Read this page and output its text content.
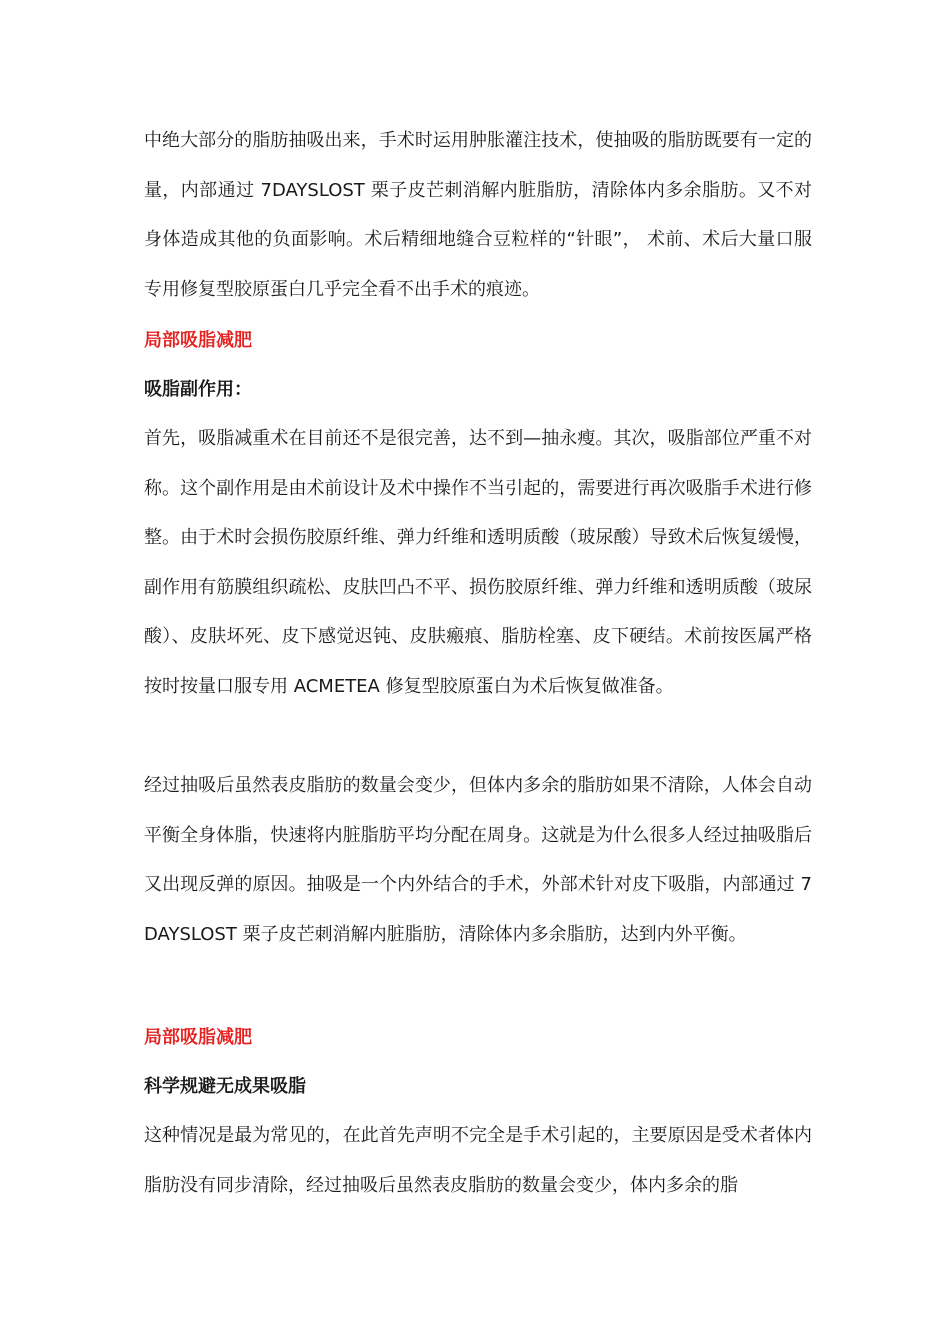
中绝大部分的脂肪抽吸出来，手术时运用肿胀灌注技术，使抽吸的脂肪既要有一定的量，内部通过 7DAYSLOST 栗子皮芒刺消解内脏脂肪，清除体内多余脂肪。又不对身体造成其他的负面影响。术后精细地缝合豆粒样的“针眼”， 术前、术后大量口服专用修复型胶原蛋白几乎完全看不出手术的痕迹。

局部吸脂减肥
吸脂副作用：

首先，吸脂减重术在目前还不是很完善，达不到—抽永瘦。其次，吸脂部位严重不对称。这个副作用是由术前设计及术中操作不当引起的，需要进行再次吸脂手术进行修整。由于术时会损伤胶原纤维、弹力纤维和透明质酸（玻尿酸）导致术后恢复缓慢，副作用有筋膜组织疏松、皮肤凹凸不平、损伤胶原纤维、弹力纤维和透明质酸（玻尿酸）、皮肤坏死、皮下感觉迟钝、皮肤瘢痕、脂肪栓塞、皮下硬结。术前按医属严格按时按量口服专用 ACMETEA 修复型胶原蛋白为术后恢复做准备。

经过抽吸后虽然表皮脂肪的数量会变少，但体内多余的脂肪如果不清除，人体会自动平衡全身体脂，快速将内脏脂肪平均分配在周身。这就是为什么很多人经过抽吸脂后又出现反弹的原因。抽吸是一个内外结合的手术，外部术针对皮下吸脂，内部通过 7DAYSLOST 栗子皮芒刺消解内脏脂肪，清除体内多余脂肪，达到内外平衡。

局部吸脂减肥
科学规避无成果吸脂

这种情况是最为常见的，在此首先声明不完全是手术引起的，主要原因是受术者体内脂肪没有同步清除，经过抽吸后虽然表皮脂肪的数量会变少，体内多余的脂
